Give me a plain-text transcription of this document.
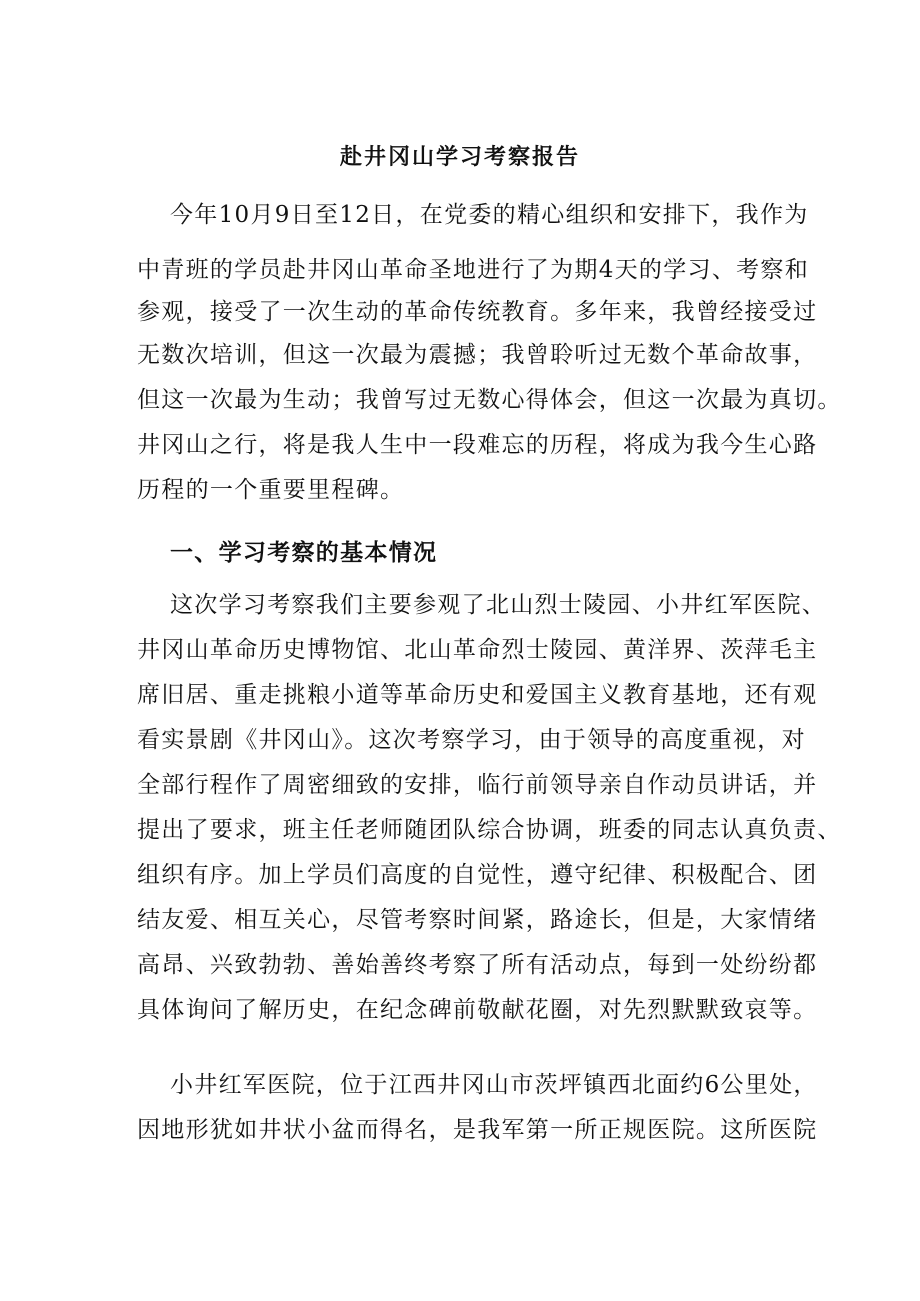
赴井冈山学习考察报告
今年10月9日至12日，在党委的精心组织和安排下，我作为
中青班的学员赴井冈山革命圣地进行了为期4天的学习、考察和
参观，接受了一次生动的革命传统教育。多年来，我曾经接受过
无数次培训，但这一次最为震撼；我曾聆听过无数个革命故事，
但这一次最为生动；我曾写过无数心得体会，但这一次最为真切。
井冈山之行，将是我人生中一段难忘的历程，将成为我今生心路
历程的一个重要里程碑。
一、学习考察的基本情况
这次学习考察我们主要参观了北山烈士陵园、小井红军医院、
井冈山革命历史博物馆、北山革命烈士陵园、黄洋界、茨萍毛主
席旧居、重走挑粮小道等革命历史和爱国主义教育基地，还有观
看实景剧《井冈山》。这次考察学习，由于领导的高度重视，对
全部行程作了周密细致的安排，临行前领导亲自作动员讲话，并
提出了要求，班主任老师随团队综合协调，班委的同志认真负责、
组织有序。加上学员们高度的自觉性，遵守纪律、积极配合、团
结友爱、相互关心，尽管考察时间紧，路途长，但是，大家情绪
高昂、兴致勃勃、善始善终考察了所有活动点，每到一处纷纷都
具体询问了解历史，在纪念碑前敬献花圈，对先烈默默致哀等。
小井红军医院，位于江西井冈山市茨坪镇西北面约6公里处，
因地形犹如井状小盆而得名，是我军第一所正规医院。这所医院
